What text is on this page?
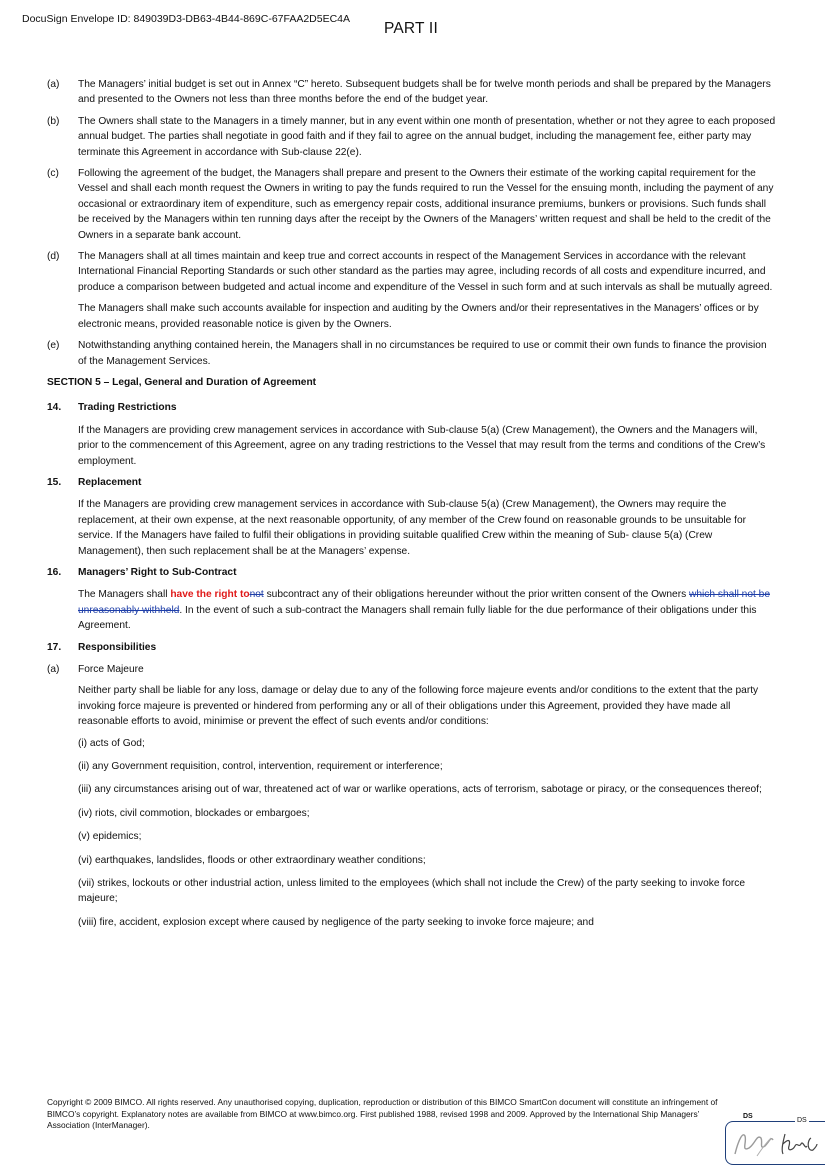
DocuSign Envelope ID: 849039D3-DB63-4B44-869C-67FAA2D5EC4A
PART II
(a)	The Managers’ initial budget is set out in Annex “C” hereto. Subsequent budgets shall be for twelve month periods and shall be prepared by the Managers and presented to the Owners not less than three months before the end of the budget year.
(b)	The Owners shall state to the Managers in a timely manner, but in any event within one month of presentation, whether or not they agree to each proposed annual budget. The parties shall negotiate in good faith and if they fail to agree on the annual budget, including the management fee, either party may terminate this Agreement in accordance with Sub-clause 22(e).
(c)	Following the agreement of the budget, the Managers shall prepare and present to the Owners their estimate of the working capital requirement for the Vessel and shall each month request the Owners in writing to pay the funds required to run the Vessel for the ensuing month, including the payment of any occasional or extraordinary item of expenditure, such as emergency repair costs, additional insurance premiums, bunkers or provisions. Such funds shall be received by the Managers within ten running days after the receipt by the Owners of the Managers’ written request and shall be held to the credit of the Owners in a separate bank account.
(d)	The Managers shall at all times maintain and keep true and correct accounts in respect of the Management Services in accordance with the relevant International Financial Reporting Standards or such other standard as the parties may agree, including records of all costs and expenditure incurred, and produce a comparison between budgeted and actual income and expenditure of the Vessel in such form and at such intervals as shall be mutually agreed.
The Managers shall make such accounts available for inspection and auditing by the Owners and/or their representatives in the Managers’ offices or by electronic means, provided reasonable notice is given by the Owners.
(e)	Notwithstanding anything contained herein, the Managers shall in no circumstances be required to use or commit their own funds to finance the provision of the Management Services.
SECTION 5 – Legal, General and Duration of Agreement
14.	Trading Restrictions
If the Managers are providing crew management services in accordance with Sub-clause 5(a) (Crew Management), the Owners and the Managers will, prior to the commencement of this Agreement, agree on any trading restrictions to the Vessel that may result from the terms and conditions of the Crew’s employment.
15.	Replacement
If the Managers are providing crew management services in accordance with Sub-clause 5(a) (Crew Management), the Owners may require the replacement, at their own expense, at the next reasonable opportunity, of any member of the Crew found on reasonable grounds to be unsuitable for service. If the Managers have failed to fulfil their obligations in providing suitable qualified Crew within the meaning of Sub- clause 5(a) (Crew Management), then such replacement shall be at the Managers’ expense.
16.	Managers’ Right to Sub-Contract
The Managers shall have the right tonot subcontract any of their obligations hereunder without the prior written consent of the Owners which shall not be unreasonably withheld. In the event of such a sub-contract the Managers shall remain fully liable for the due performance of their obligations under this Agreement.
17.	Responsibilities
(a)	Force Majeure
Neither party shall be liable for any loss, damage or delay due to any of the following force majeure events and/or conditions to the extent that the party invoking force majeure is prevented or hindered from performing any or all of their obligations under this Agreement, provided they have made all reasonable efforts to avoid, minimise or prevent the effect of such events and/or conditions:
(i) acts of God;
(ii) any Government requisition, control, intervention, requirement or interference;
(iii) any circumstances arising out of war, threatened act of war or warlike operations, acts of terrorism, sabotage or piracy, or the consequences thereof;
(iv) riots, civil commotion, blockades or embargoes;
(v) epidemics;
(vi) earthquakes, landslides, floods or other extraordinary weather conditions;
(vii) strikes, lockouts or other industrial action, unless limited to the employees (which shall not include the Crew) of the party seeking to invoke force majeure;
(viii) fire, accident, explosion except where caused by negligence of the party seeking to invoke force majeure; and
Copyright © 2009 BIMCO. All rights reserved. Any unauthorised copying, duplication, reproduction or distribution of this BIMCO SmartCon document will constitute an infringement of BIMCO’s copyright. Explanatory notes are available from BIMCO at www.bimco.org. First published 1988, revised 1998 and 2009. Approved by the International Ship Managers’ Association (InterManager).
DS
DS
